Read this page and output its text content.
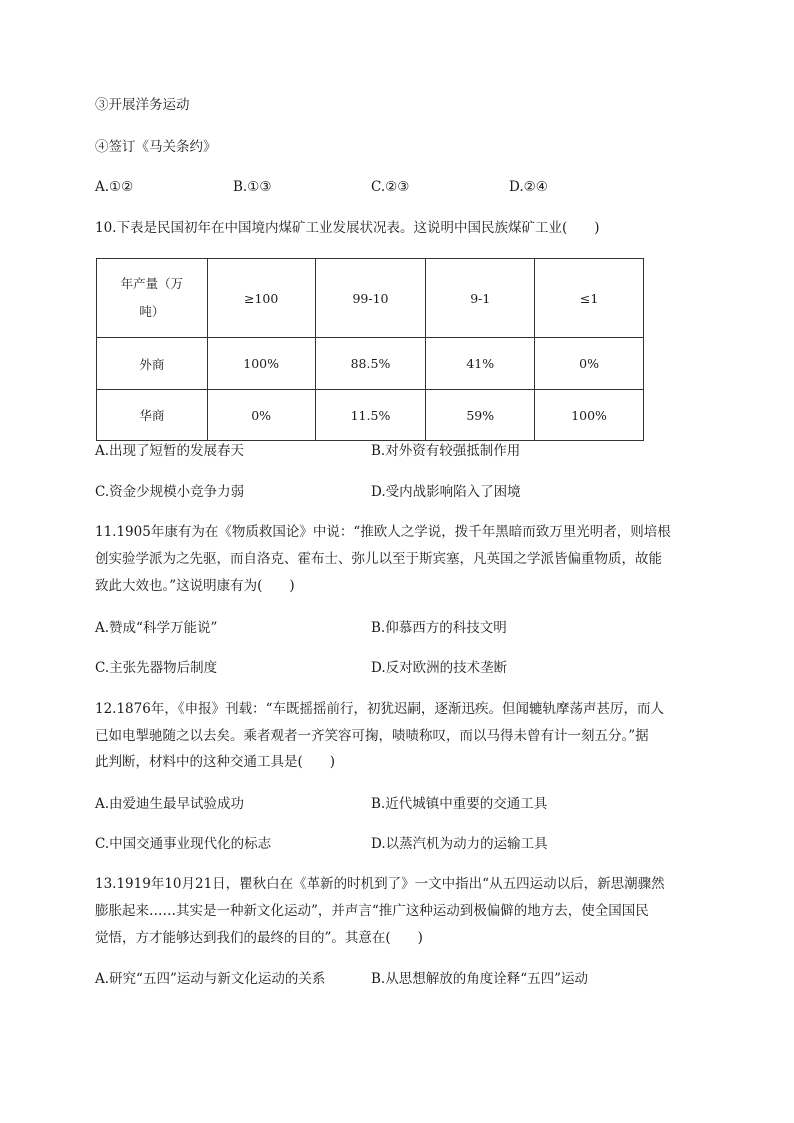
③开展洋务运动
④签订《马关条约》
A.①②	B.①③	C.②③	D.②④
10.下表是民国初年在中国境内煤矿工业发展状况表。这说明中国民族煤矿工业(　　)
年产量（万
吨）	≥100	99-10	9-1	≤1
外商	100%	88.5%	41%	0%
华商	0%	11.5%	59%	100%
A.出现了短暂的发展春天	B.对外资有较强抵制作用
C.资金少规模小竞争力弱	D.受内战影响陷入了困境
11.1905年康有为在《物质救国论》中说：“推欧人之学说，拨千年黑暗而致万里光明者，则培根
创实验学派为之先驱，而自洛克、霍布士、弥儿以至于斯宾塞，凡英国之学派皆偏重物质，故能
致此大效也。”这说明康有为(　　)
A.赞成“科学万能说”	B.仰慕西方的科技文明
C.主张先器物后制度	D.反对欧洲的技术垄断
12.1876年，《申报》刊载：“车既摇摇前行，初犹迟嗣，逐渐迅疾。但闻辘轨摩荡声甚厉，而人
已如电掣驰随之以去矣。乘者观者一齐笑容可掬，啧啧称叹，而以马得未曾有计一刻五分。”据
此判断，材料中的这种交通工具是(　　)
A.由爱迪生最早试验成功	B.近代城镇中重要的交通工具
C.中国交通事业现代化的标志	D.以蒸汽机为动力的运输工具
13.1919年10月21日，瞿秋白在《革新的时机到了》一文中指出“从五四运动以后，新思潮骤然
膨胀起来……其实是一种新文化运动”，并声言“推广这种运动到极偏僻的地方去，使全国国民
觉悟，方才能够达到我们的最终的目的”。其意在(　　)
A.研究“五四”运动与新文化运动的关系	B.从思想解放的角度诠释“五四”运动
